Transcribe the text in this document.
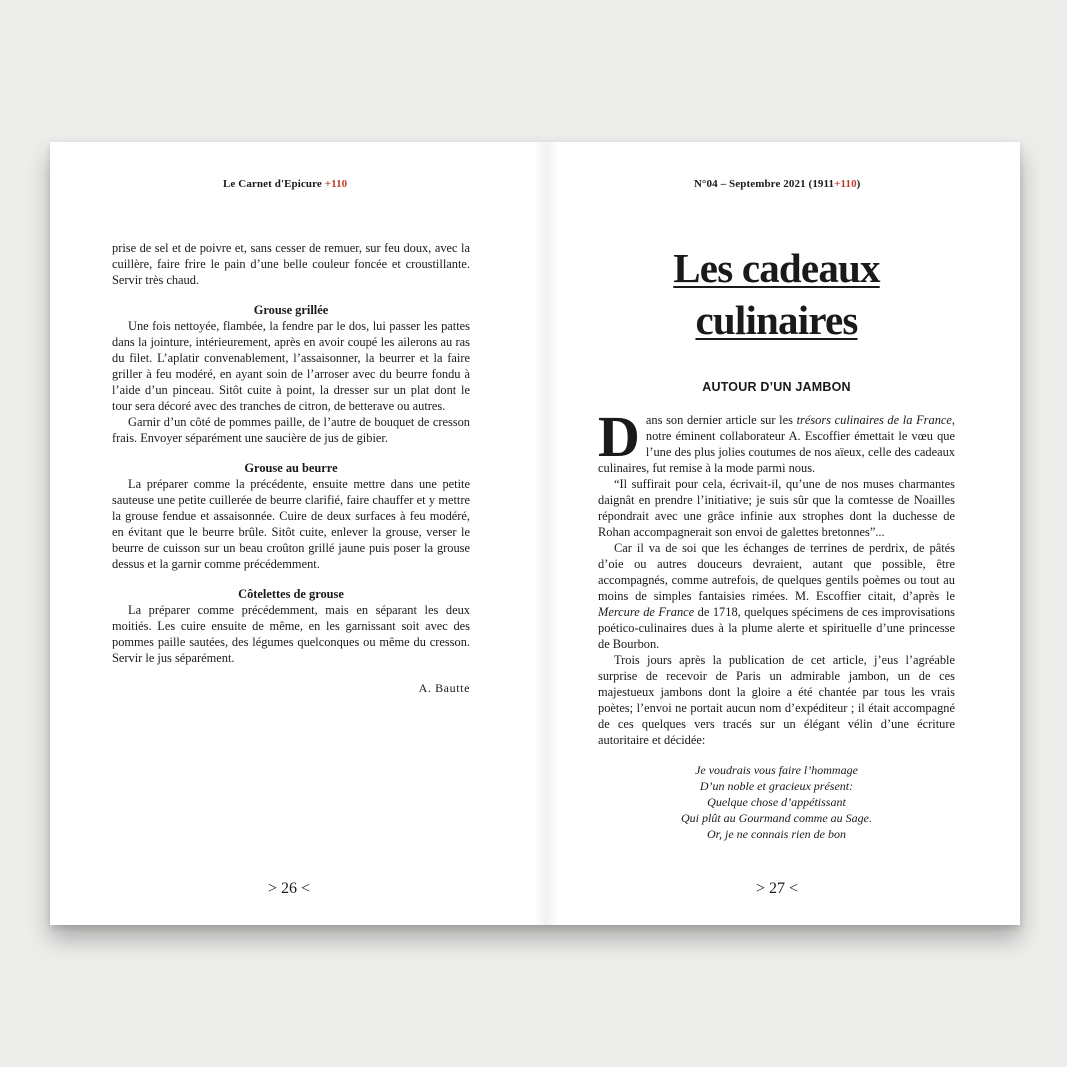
Le Carnet d'Epicure +110

prise de sel et de poivre et, sans cesser de remuer, sur feu doux, avec la cuillère, faire frire le pain d’une belle couleur foncée et croustillante. Servir très chaud.

Grouse grillée

Une fois nettoyée, flambée, la fendre par le dos, lui passer les pattes dans la jointure, intérieurement, après en avoir coupé les ailerons au ras du filet. L’aplatir convenablement, l’assaisonner, la beurrer et la faire griller à feu modéré, en ayant soin de l’arroser avec du beurre fondu à l’aide d’un pinceau. Sitôt cuite à point, la dresser sur un plat dont le tour sera décoré avec des tranches de citron, de betterave ou autres.

Garnir d’un côté de pommes paille, de l’autre de bouquet de cresson frais. Envoyer séparément une saucière de jus de gibier.

Grouse au beurre

La préparer comme la précédente, ensuite mettre dans une petite sauteuse une petite cuillerée de beurre clarifié, faire chauffer et y mettre la grouse fendue et assaisonnée. Cuire de deux surfaces à feu modéré, en évitant que le beurre brûle. Sitôt cuite, enlever la grouse, verser le beurre de cuisson sur un beau croûton grillé jaune puis poser la grouse dessus et la garnir comme précédemment.

Côtelettes de grouse

La préparer comme précédemment, mais en séparant les deux moitiés. Les cuire ensuite de même, en les garnissant soit avec des pommes paille sautées, des légumes quelconques ou même du cresson. Servir le jus séparément.

A. Bautte
> 26 <
N°04 – Septembre 2021 (1911+110)
Les cadeaux
culinaires
AUTOUR D’UN JAMBON

Dans son dernier article sur les trésors culinaires de la France, notre éminent collaborateur A. Escoffier émettait le vœu que l’une des plus jolies coutumes de nos aïeux, celle des cadeaux culinaires, fut remise à la mode parmi nous.

“Il suffirait pour cela, écrivait-il, qu’une de nos muses charmantes daignât en prendre l’initiative; je suis sûr que la comtesse de Noailles répondrait avec une grâce infinie aux strophes dont la duchesse de Rohan accompagnerait son envoi de galettes bretonnes”...

Car il va de soi que les échanges de terrines de perdrix, de pâtés d’oie ou autres douceurs devraient, autant que possible, être accompagnés, comme autrefois, de quelques gentils poèmes ou tout au moins de simples fantaisies rimées. M. Escoffier citait, d’après le Mercure de France de 1718, quelques spécimens de ces improvisations poético-culinaires dues à la plume alerte et spirituelle d’une princesse de Bourbon.

Trois jours après la publication de cet article, j’eus l’agréable surprise de recevoir de Paris un admirable jambon, un de ces majestueux jambons dont la gloire a été chantée par tous les vrais poètes; l’envoi ne portait aucun nom d’expéditeur ; il était accompagné de ces quelques vers tracés sur un élégant vélin d’une écriture autoritaire et décidée:

Je voudrais vous faire l’hommage
D’un noble et gracieux présent:
Quelque chose d’appétissant
Qui plût au Gourmand comme au Sage.
Or, je ne connais rien de bon
> 27 <
